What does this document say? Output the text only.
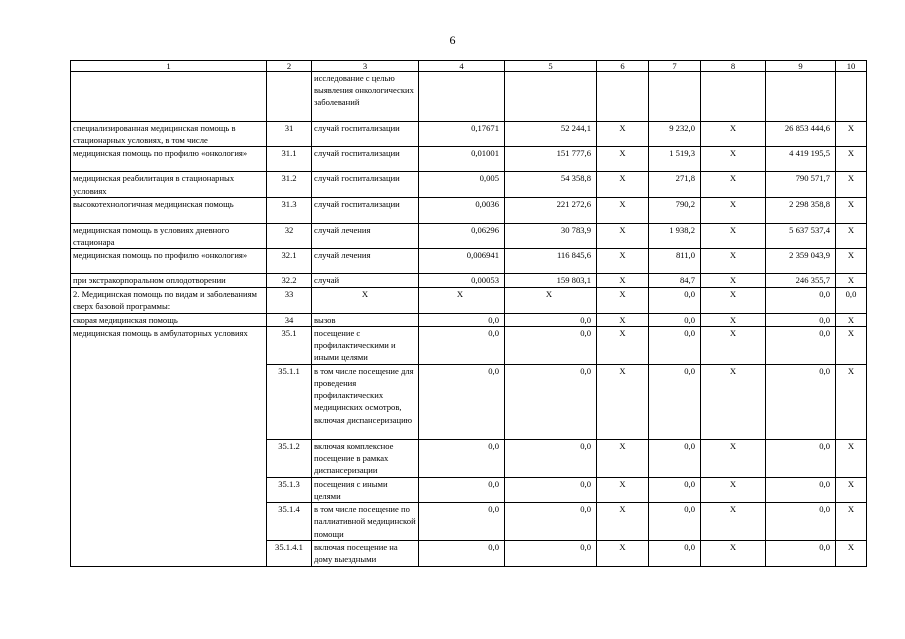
6
1	2	3	4	5	6	7	8	9	10
		исследование с целью выявления онкологических заболеваний							
специализированная медицинская помощь в стационарных условиях, в том числе	31	случай госпитализации	0,17671	52 244,1	X	9 232,0	X	26 853 444,6	X
медицинская помощь по профилю «онкология»	31.1	случай госпитализации	0,01001	151 777,6	X	1 519,3	X	4 419 195,5	X
медицинская реабилитация в стационарных условиях	31.2	случай госпитализации	0,005	54 358,8	X	271,8	X	790 571,7	X
высокотехнологичная медицинская помощь	31.3	случай госпитализации	0,0036	221 272,6	X	790,2	X	2 298 358,8	X
медицинская помощь в условиях дневного стационара	32	случай лечения	0,06296	30 783,9	X	1 938,2	X	5 637 537,4	X
медицинская помощь по профилю «онкология»	32.1	случай лечения	0,006941	116 845,6	X	811,0	X	2 359 043,9	X
при экстракорпоральном оплодотворении	32.2	случай	0,00053	159 803,1	X	84,7	X	246 355,7	X
2. Медицинская помощь по видам и заболеваниям сверх базовой программы:	33	X	X	X	X	0,0	X	0,0	0,0
скорая медицинская помощь	34	вызов	0,0	0,0	X	0,0	X	0,0	X
медицинская помощь в амбулаторных условиях	35.1	посещение с профилактическими и иными целями	0,0	0,0	X	0,0	X	0,0	X
	35.1.1	в том числе посещение для проведения профилактических медицинских осмотров, включая диспансеризацию	0,0	0,0	X	0,0	X	0,0	X
	35.1.2	включая комплексное посещение в рамках диспансеризации	0,0	0,0	X	0,0	X	0,0	X
	35.1.3	посещения с иными целями	0,0	0,0	X	0,0	X	0,0	X
	35.1.4	в том числе посещение по паллиативной медицинской помощи	0,0	0,0	X	0,0	X	0,0	X
	35.1.4.1	включая посещение на дому выездными	0,0	0,0	X	0,0	X	0,0	X
